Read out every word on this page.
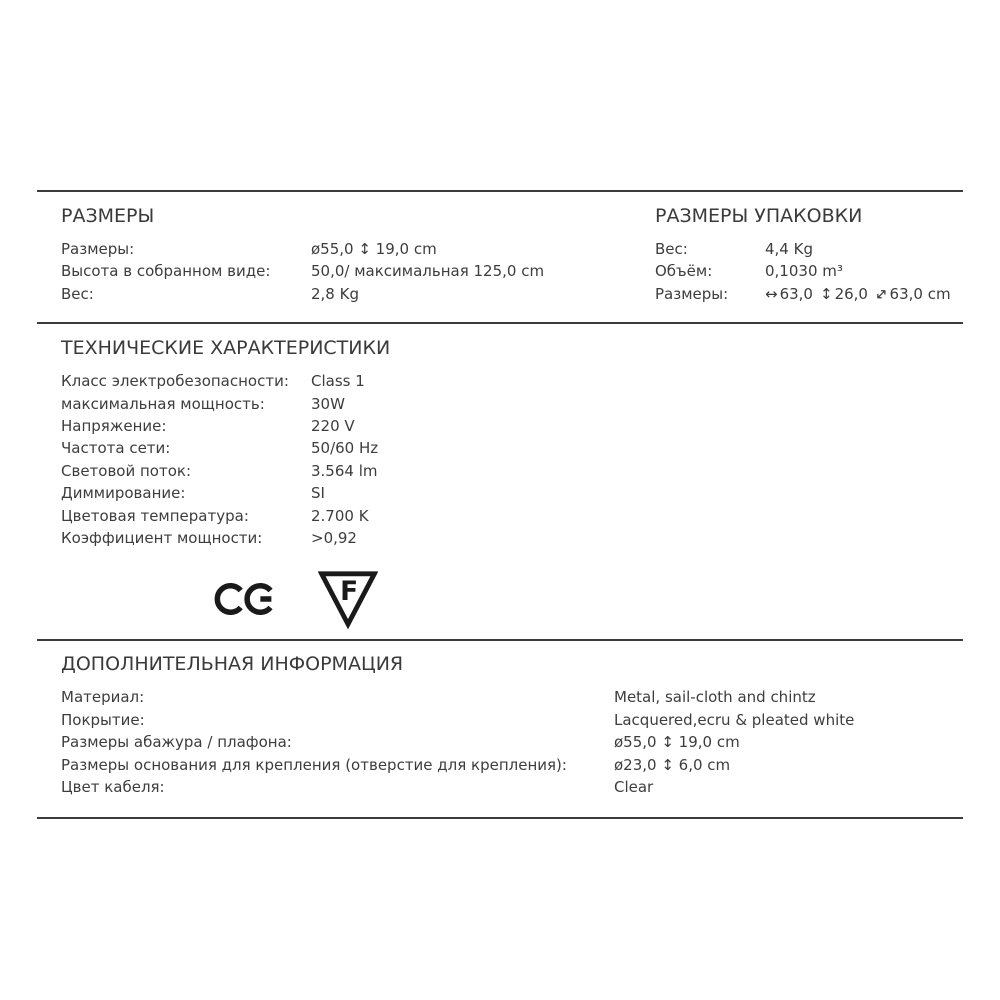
РАЗМЕРЫ
Размеры:	ø55,0 ↕ 19,0 cm
Высота в собранном виде:	50,0/ максимальная 125,0 cm
Вес:	2,8 Kg
РАЗМЕРЫ УПАКОВКИ
Вес:	4,4 Kg
Объём:	0,1030 m³
Размеры:	↔ 63,0 ↕ 26,0 ↔63,0 cm
ТЕХНИЧЕСКИЕ ХАРАКТЕРИСТИКИ
Класс электробезопасности:	Class 1
максимальная мощность:	30W
Напряжение:	220 V
Частота сети:	50/60 Hz
Световой поток:	3.564 lm
Диммирование:	SI
Цветовая температура:	2.700 K
Коэффициент мощности:	>0,92
F
ДОПОЛНИТЕЛЬНАЯ ИНФОРМАЦИЯ
Материал:	Metal, sail-cloth and chintz
Покрытие:	Lacquered,ecru & pleated white
Размеры абажура / плафона:	ø55,0 ↕ 19,0 cm
Размеры основания для крепления (отверстие для крепления):	ø23,0 ↕ 6,0 cm
Цвет кабеля:	Clear
